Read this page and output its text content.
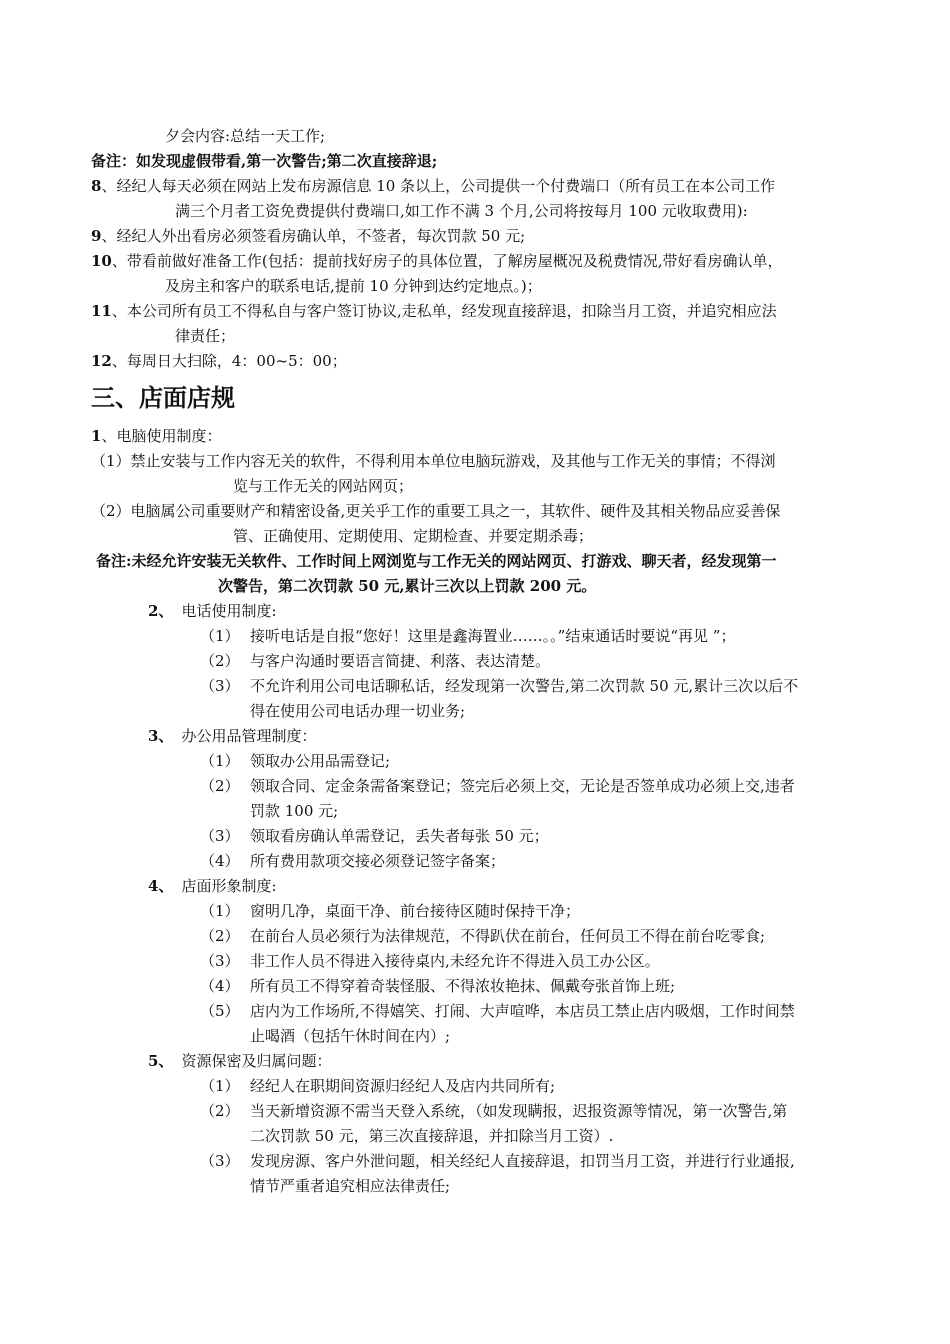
夕会内容:总结一天工作;
备注：如发现虚假带看,第一次警告;第二次直接辞退;
8、经纪人每天必须在网站上发布房源信息 10 条以上，公司提供一个付费端口（所有员工在本公司工作
满三个月者工资免费提供付费端口,如工作不满 3 个月,公司将按每月 100 元收取费用):
9、经纪人外出看房必须签看房确认单，不签者，每次罚款 50 元;
10、带看前做好准备工作(包括：提前找好房子的具体位置，了解房屋概况及税费情况,带好看房确认单，
及房主和客户的联系电话,提前 10 分钟到达约定地点。)；
11、本公司所有员工不得私自与客户签订协议,走私单，经发现直接辞退，扣除当月工资，并追究相应法
律责任；
12、每周日大扫除，4：00~5：00；
三、店面店规
1、电脑使用制度：
（1）禁止安装与工作内容无关的软件，不得利用本单位电脑玩游戏，及其他与工作无关的事情；不得浏
览与工作无关的网站网页；
（2）电脑属公司重要财产和精密设备,更关乎工作的重要工具之一，其软件、硬件及其相关物品应妥善保
管、正确使用、定期使用、定期检查、并要定期杀毒；
备注:未经允许安装无关软件、工作时间上网浏览与工作无关的网站网页、打游戏、聊天者，经发现第一
次警告，第二次罚款 50 元,累计三次以上罚款 200 元。
2、 电话使用制度:
（1） 接听电话是自报“您好！这里是鑫海置业……。。”结束通话时要说“再见 ”；
（2） 与客户沟通时要语言简捷、利落、表达清楚。
（3） 不允许利用公司电话聊私话，经发现第一次警告,第二次罚款 50 元,累计三次以后不
得在使用公司电话办理一切业务;
3、 办公用品管理制度：
（1） 领取办公用品需登记;
（2） 领取合同、定金条需备案登记；签完后必须上交，无论是否签单成功必须上交,违者
罚款 100 元;
（3） 领取看房确认单需登记，丢失者每张 50 元；
（4） 所有费用款项交接必须登记签字备案；
4、 店面形象制度:
（1） 窗明几净，桌面干净、前台接待区随时保持干净；
（2） 在前台人员必须行为法律规范，不得趴伏在前台，任何员工不得在前台吃零食;
（3） 非工作人员不得进入接待桌内,未经允许不得进入员工办公区。
（4） 所有员工不得穿着奇装怪服、不得浓妆艳抹、佩戴夸张首饰上班;
（5） 店内为工作场所,不得嬉笑、打闹、大声喧哗，本店员工禁止店内吸烟，工作时间禁
止喝酒（包括午休时间在内）;
5、 资源保密及归属问题：
（1） 经纪人在职期间资源归经纪人及店内共同所有;
（2） 当天新增资源不需当天登入系统，（如发现瞒报，迟报资源等情况，第一次警告,第
二次罚款 50 元，第三次直接辞退，并扣除当月工资）.
（3） 发现房源、客户外泄问题，相关经纪人直接辞退，扣罚当月工资，并进行行业通报,
情节严重者追究相应法律责任;
